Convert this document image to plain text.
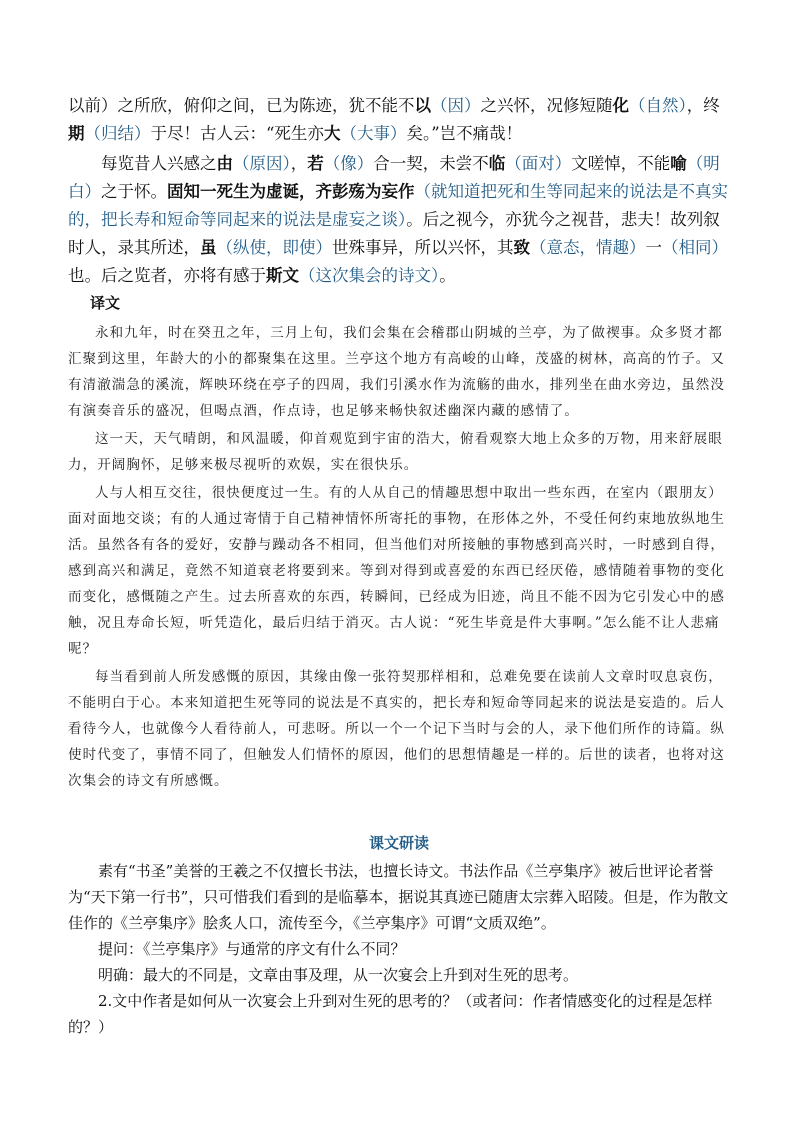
以前）之所欣，俯仰之间，已为陈迹，犹不能不以（因）之兴怀，况修短随化（自然），终期（归结）于尽！古人云：“死生亦大（大事）矣。”岂不痛哉！

每览昔人兴感之由（原因），若（像）合一契，未尝不临（面对）文嗟悼，不能喻（明白）之于怀。固知一死生为虚诞，齐彭殇为妄作（就知道把死和生等同起来的说法是不真实的，把长寿和短命等同起来的说法是虚妄之谈）。后之视今，亦犹今之视昔，悲夫！故列叙时人，录其所述，虽（纵使，即使）世殊事异，所以兴怀，其致（意态，情趣）一（相同）也。后之览者，亦将有感于斯文（这次集会的诗文）。

译文

永和九年，时在癸丑之年，三月上旬，我们会集在会稽郡山阴城的兰亭，为了做禊事。众多贤才都汇聚到这里，年龄大的小的都聚集在这里。兰亭这个地方有高峻的山峰，茂盛的树林，高高的竹子。又有清澈湍急的溪流，辉映环绕在亭子的四周，我们引溪水作为流觞的曲水，排列坐在曲水旁边，虽然没有演奏音乐的盛况，但喝点酒，作点诗，也足够来畅快叙述幽深内藏的感情了。

这一天，天气晴朗，和风温暖，仰首观览到宇宙的浩大，俯看观察大地上众多的万物，用来舒展眼力，开阔胸怀，足够来极尽视听的欢娱，实在很快乐。

人与人相互交往，很快便度过一生。有的人从自己的情趣思想中取出一些东西，在室内（跟朋友）面对面地交谈；有的人通过寄情于自己精神情怀所寄托的事物，在形体之外，不受任何约束地放纵地生活。虽然各有各的爱好，安静与躁动各不相同，但当他们对所接触的事物感到高兴时，一时感到自得，感到高兴和满足，竟然不知道衰老将要到来。等到对得到或喜爱的东西已经厌倦，感情随着事物的变化而变化，感慨随之产生。过去所喜欢的东西，转瞬间，已经成为旧迹，尚且不能不因为它引发心中的感触，况且寿命长短，听凭造化，最后归结于消灭。古人说：“死生毕竟是件大事啊。”怎么能不让人悲痛呢？

每当看到前人所发感慨的原因，其缘由像一张符契那样相和，总难免要在读前人文章时叹息哀伤，不能明白于心。本来知道把生死等同的说法是不真实的，把长寿和短命等同起来的说法是妄造的。后人看待今人，也就像今人看待前人，可悲呀。所以一个一个记下当时与会的人，录下他们所作的诗篇。纵使时代变了，事情不同了，但触发人们情怀的原因，他们的思想情趣是一样的。后世的读者，也将对这次集会的诗文有所感慨。

课文研读

素有“书圣”美誉的王羲之不仅擅长书法，也擅长诗文。书法作品《兰亭集序》被后世评论者誉为“天下第一行书”，只可惜我们看到的是临摹本，据说其真迹已随唐太宗葬入昭陵。但是，作为散文佳作的《兰亭集序》脍炙人口，流传至今，《兰亭集序》可谓“文质双绝”。

提问：《兰亭集序》与通常的序文有什么不同？

明确：最大的不同是，文章由事及理，从一次宴会上升到对生死的思考。

2.文中作者是如何从一次宴会上升到对生死的思考的？（或者问：作者情感变化的过程是怎样的？）
